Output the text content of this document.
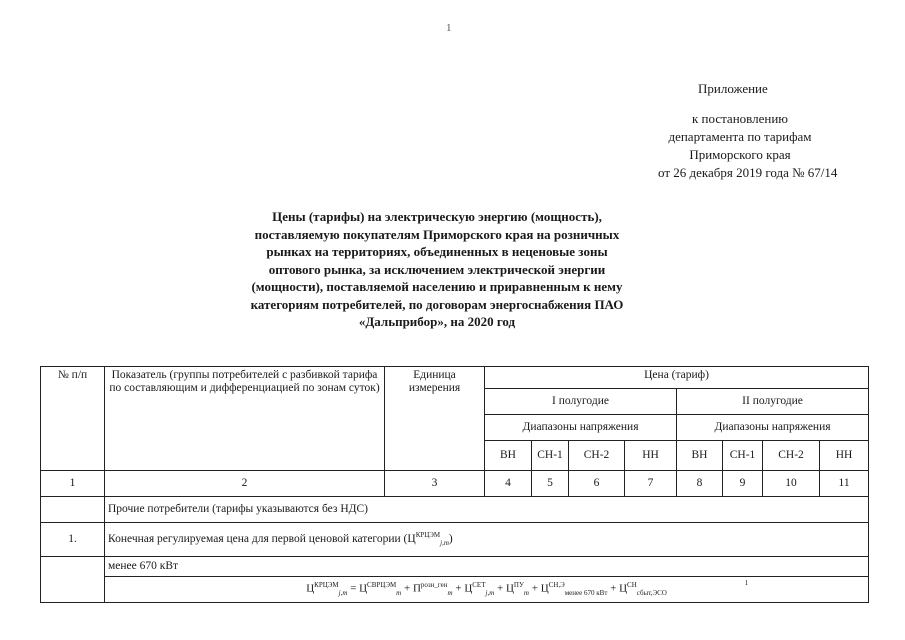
1
Приложение
к постановлению
департамента по тарифам
Приморского края
от 26 декабря 2019 года № 67/14
Цены (тарифы) на электрическую энергию (мощность), поставляемую покупателям Приморского края на розничных рынках на территориях, объединенных в неценовые зоны оптового рынка, за исключением электрической энергии (мощности), поставляемой населению и приравненным к нему категориям потребителей, по договорам энергоснабжения ПАО «Дальприбор», на 2020 год
№ п/п	Показатель (группы потребителей с разбивкой тарифа по составляющим и дифференциацией по зонам суток)	Единица измерения	Цена (тариф)							
			I полугодие				II полугодие			
			Диапазоны напряжения				Диапазоны напряжения			
			ВН	СН-1	СН-2	НН	ВН	СН-1	СН-2	НН
1	2	3	4	5	6	7	8	9	10	11
	Прочие потребители (тарифы указываются без НДС)									
1.	Конечная регулируемая цена для первой ценовой категории $(Ц^{КРЦЭМ}_{j,m})$									
	менее 670 кВт									
	$Ц^{КРЦЭМ}_{j,m} = Ц^{СВРЦЭМ}_m + П^{розн\_ген}_m + Ц^{СЕТ}_{j,m} + Ц^{ПУ}_m + Ц^{СН,Э}_{менее 670 кВт} + Ц^{СН}_{сбыт,ЭСО}$
1									
